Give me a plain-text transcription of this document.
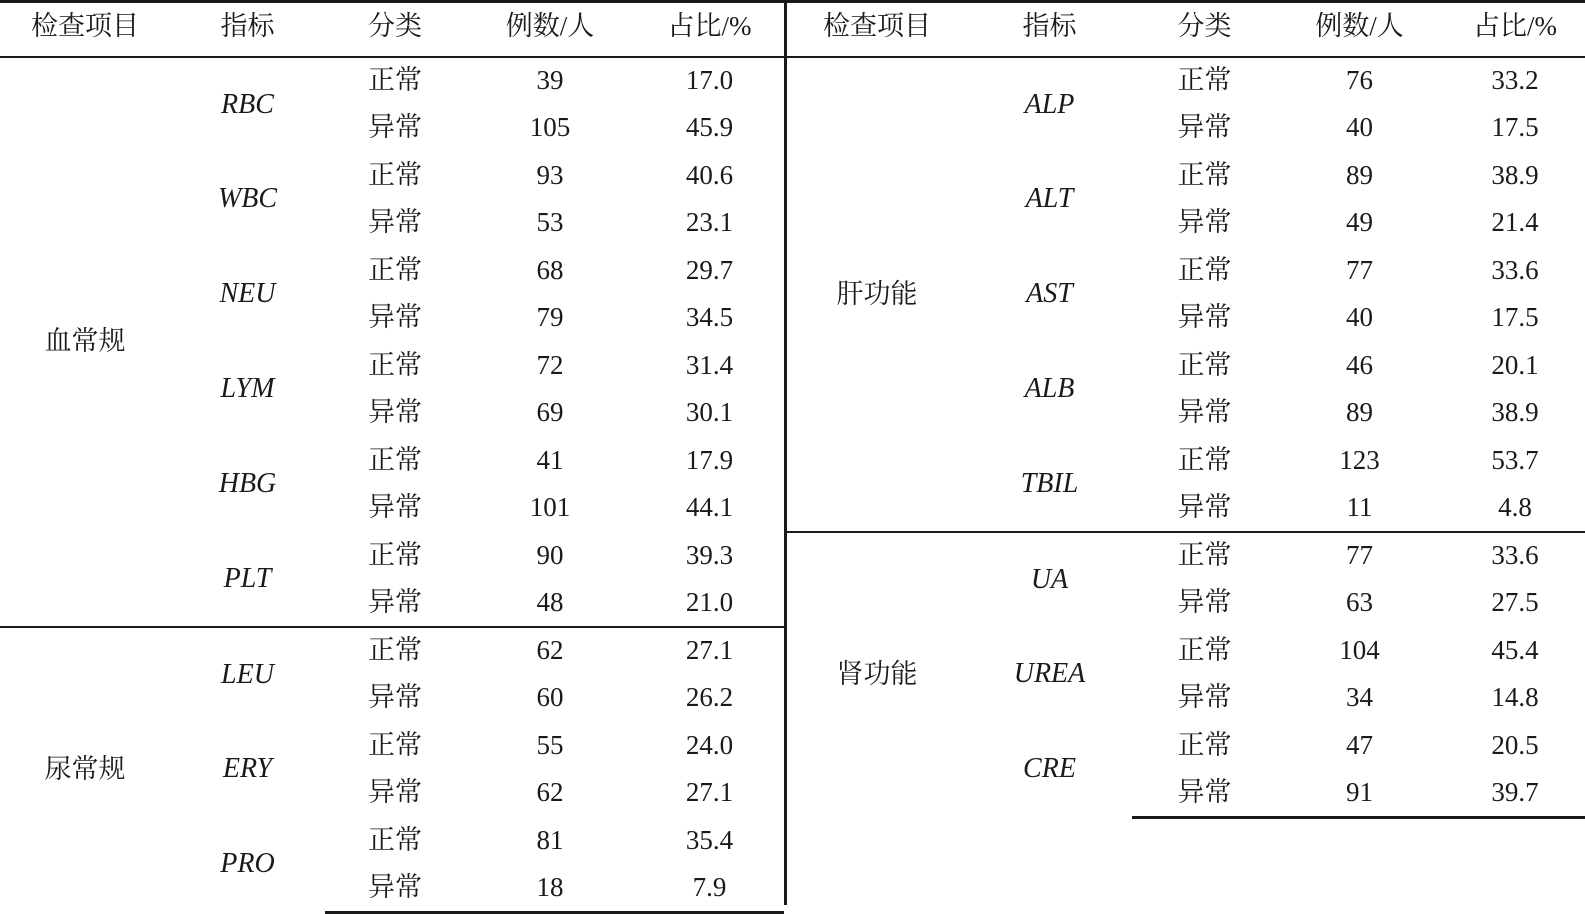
检查项目	指标	分类	例数/人	占比/%
血常规	RBC	正常	39	17.0
		异常	105	45.9
	WBC	正常	93	40.6
		异常	53	23.1
	NEU	正常	68	29.7
		异常	79	34.5
	LYM	正常	72	31.4
		异常	69	30.1
	HBG	正常	41	17.9
		异常	101	44.1
	PLT	正常	90	39.3
		异常	48	21.0
尿常规	LEU	正常	62	27.1
		异常	60	26.2
	ERY	正常	55	24.0
		异常	62	27.1
	PRO	正常	81	35.4
		异常	18	7.9
检查项目	指标	分类	例数/人	占比/%
肝功能	ALP	正常	76	33.2
		异常	40	17.5
	ALT	正常	89	38.9
		异常	49	21.4
	AST	正常	77	33.6
		异常	40	17.5
	ALB	正常	46	20.1
		异常	89	38.9
	TBIL	正常	123	53.7
		异常	11	4.8
肾功能	UA	正常	77	33.6
		异常	63	27.5
	UREA	正常	104	45.4
		异常	34	14.8
	CRE	正常	47	20.5
		异常	91	39.7
